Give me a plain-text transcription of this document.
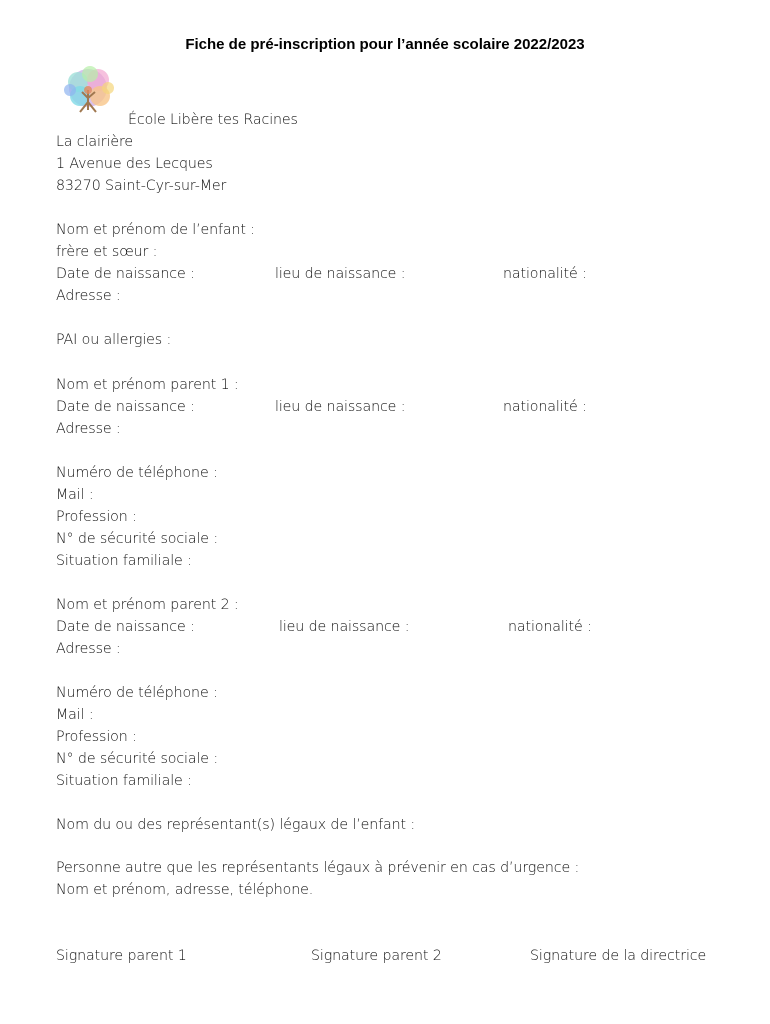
Fiche de pré-inscription pour l’année scolaire 2022/2023
École Libère tes Racines
La clairière
1 Avenue des Lecques
83270 Saint-Cyr-sur-Mer
Nom et prénom de l’enfant :
frère et sœur :
Date de naissance :	lieu de naissance :	nationalité :
Adresse :
PAI ou allergies :
Nom et prénom parent 1 :
Date de naissance :	lieu de naissance :	nationalité :
Adresse :
Numéro de téléphone :
Mail :
Profession :
N° de sécurité sociale :
Situation familiale :
Nom et prénom parent 2 :
Date de naissance :	lieu de naissance :	nationalité :
Adresse :
Numéro de téléphone :
Mail :
Profession :
N° de sécurité sociale :
Situation familiale :
Nom du ou des représentant(s) légaux de l’enfant :
Personne autre que les représentants légaux à prévenir en cas d’urgence :
Nom et prénom, adresse, téléphone.
Signature parent 1	Signature parent 2	Signature de la directrice
